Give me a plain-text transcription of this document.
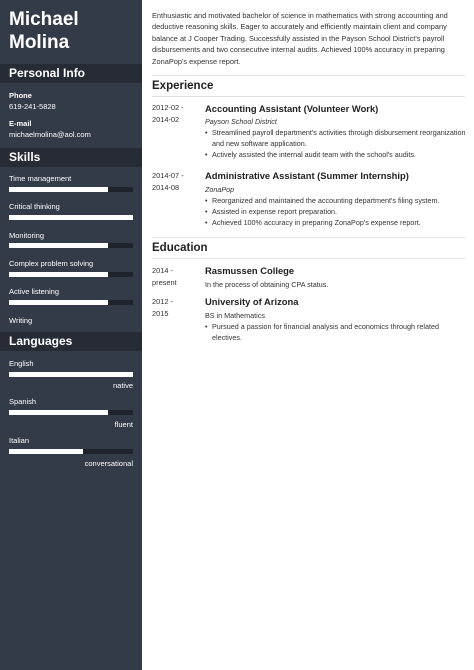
Michael
Molina
Personal Info
Phone
619-241-5828
E-mail
michaelmolina@aol.com
Skills
Time management
Critical thinking
Monitoring
Complex problem solving
Active listening
Writing
Languages
English
native
Spanish
fluent
Italian
conversational

Enthusiastic and motivated bachelor of science in mathematics with strong accounting and deductive reasoning skills. Eager to accurately and efficiently maintain client and company balance at J Cooper Trading. Successfully assisted in the Payson School District's payroll disbursements and two consecutive internal audits. Achieved 100% accuracy in preparing ZonaPop's expense report.

Experience
2012-02 -
2014-02
Accounting Assistant (Volunteer Work)
Payson School District
• Streamlined payroll department's activities through disbursement reorganization and new software application.
• Actively assisted the internal audit team with the school's audits.
2014-07 -
2014-08
Administrative Assistant (Summer Internship)
ZonaPop
• Reorganized and maintained the accounting department's filing system.
• Assisted in expense report preparation.
• Achieved 100% accuracy in preparing ZonaPop's expense report.
Education
2014 -
present
Rasmussen College
In the process of obtaining CPA status.
2012 -
2015
University of Arizona
BS in Mathematics
• Pursued a passion for financial analysis and economics through related electives.
